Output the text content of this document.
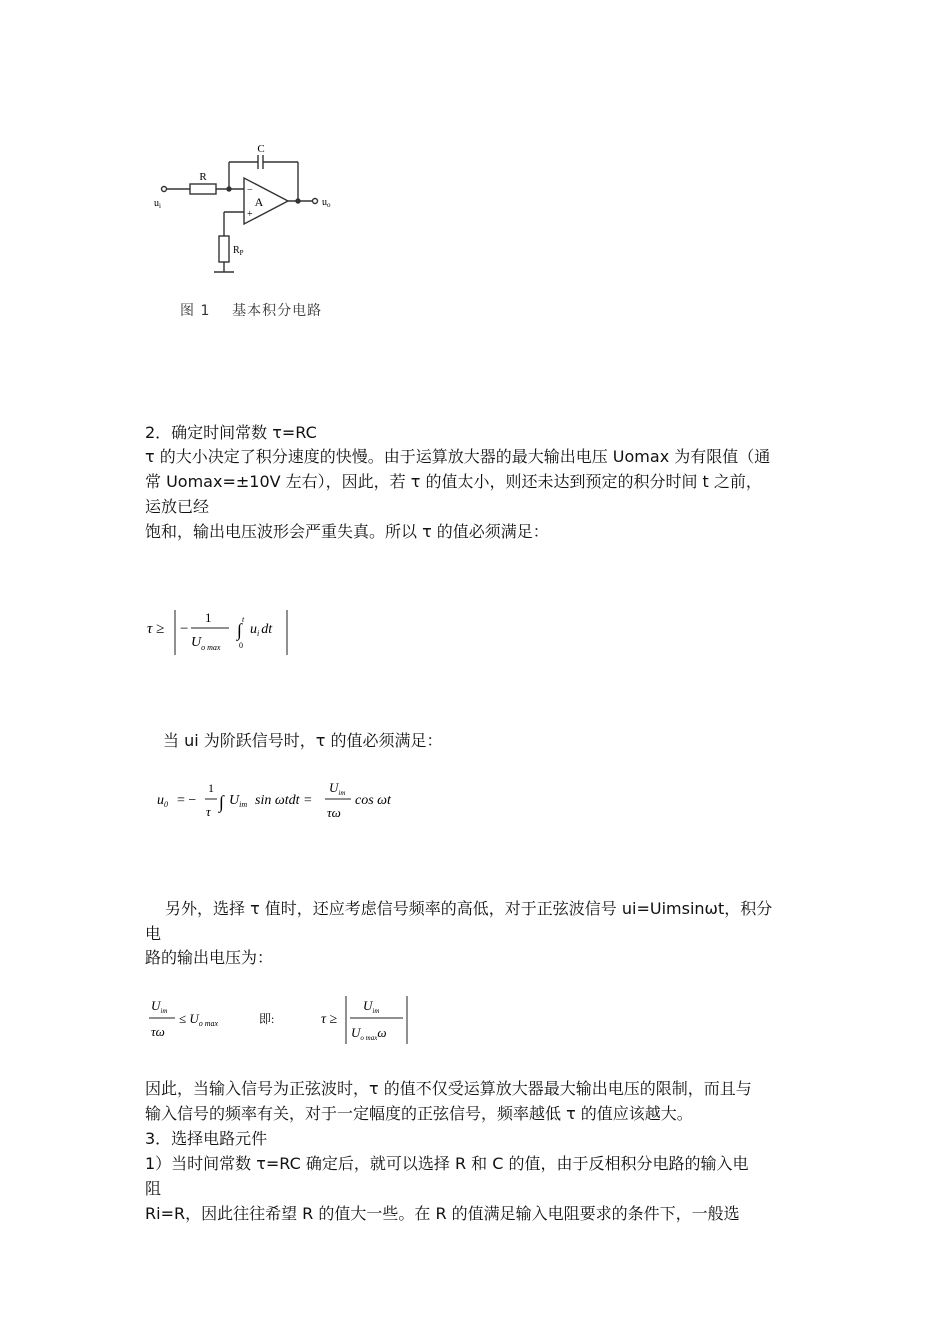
C
R
A
−
+
$u_i$	$u_o$
$R_P$
图 1    基本积分电路
2．确定时间常数 τ=RC
τ 的大小决定了积分速度的快慢。由于运算放大器的最大输出电压 Uomax 为有限值（通
常 Uomax=±10V 左右），因此，若 τ 的值太小，则还未达到预定的积分时间 t 之前，
运放已经
饱和，输出电压波形会严重失真。所以 τ 的值必须满足：
τ ≥ −
1
$U_{o max}$
t
∫
0
$u_i$ dt
当 ui 为阶跃信号时，τ 的值必须满足：
$u_0$ = −
1
τ ∫ $U_{im}$ sin ωtdt =
$U_{im}$
τω
cos ωt
另外，选择 τ 值时，还应考虑信号频率的高低，对于正弦波信号 ui=Uimsinωt，积分
电
路的输出电压为：
$U_{im}$
τω
≤ $U_{o max}$	即:	τ ≥
$U_{im}$
$U_{o max}\omega$
因此，当输入信号为正弦波时，τ 的值不仅受运算放大器最大输出电压的限制，而且与
输入信号的频率有关，对于一定幅度的正弦信号，频率越低 τ 的值应该越大。
3．选择电路元件
1）当时间常数 τ=RC 确定后，就可以选择 R 和 C 的值，由于反相积分电路的输入电
阻
Ri=R，因此往往希望 R 的值大一些。在 R 的值满足输入电阻要求的条件下，一般选
